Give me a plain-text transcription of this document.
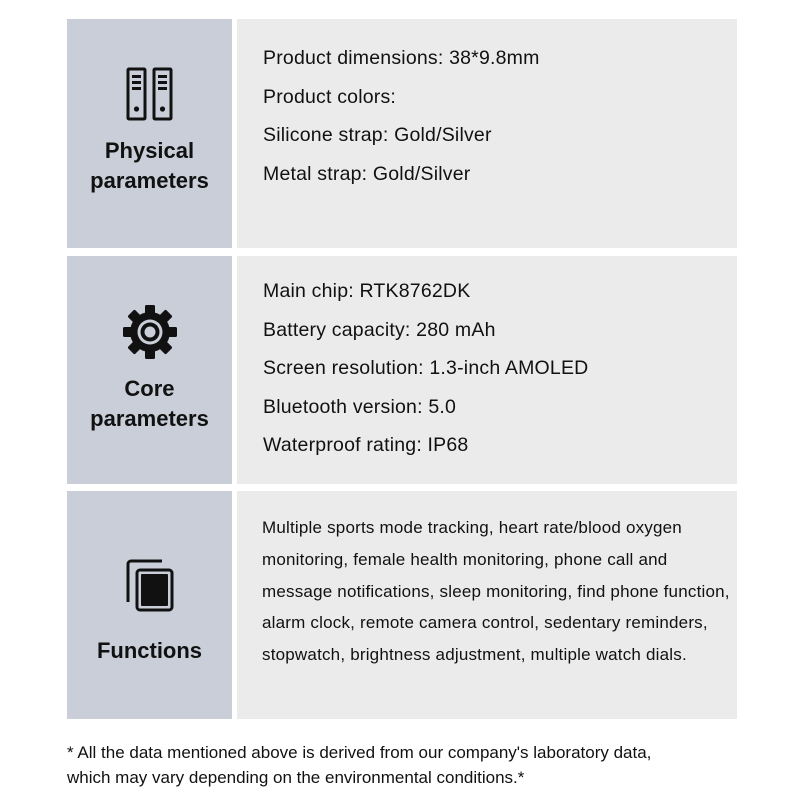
Physical
parameters
Product dimensions: 38*9.8mm
Product colors:
Silicone strap: Gold/Silver
Metal strap: Gold/Silver
Core
parameters
Main chip: RTK8762DK
Battery capacity: 280 mAh
Screen resolution: 1.3-inch AMOLED
Bluetooth version: 5.0
Waterproof rating: IP68
Functions
Multiple sports mode tracking, heart rate/blood oxygen monitoring, female health monitoring, phone call and message notifications, sleep monitoring, find phone function, alarm clock, remote camera control, sedentary reminders, stopwatch, brightness adjustment, multiple watch dials.
* All the data mentioned above is derived from our company's laboratory data,
which may vary depending on the environmental conditions.*
